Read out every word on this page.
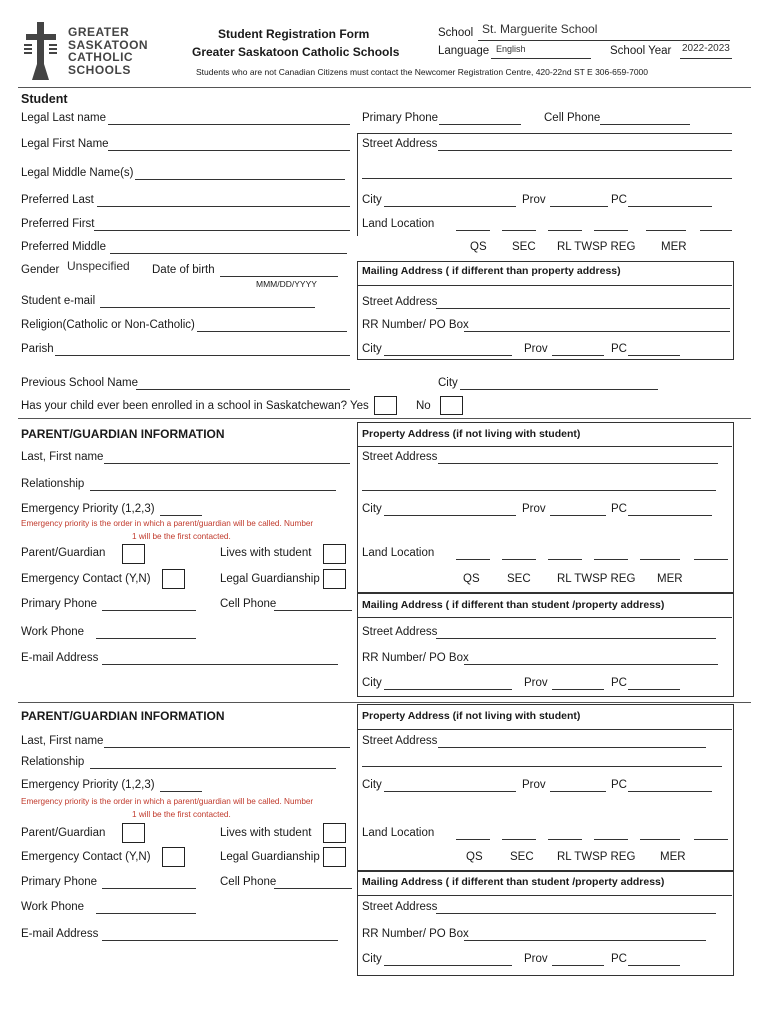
GREATER
SASKATOON
CATHOLIC
SCHOOLS
Student Registration Form
Greater Saskatoon Catholic Schools
School St. Marguerite School
Language English	School Year 2022-2023
Students who are not Canadian Citizens must contact the Newcomer Registration Centre, 420-22nd ST E 306-659-7000
Student
Legal Last name
Legal First Name
Legal Middle Name(s)
Preferred Last
Preferred First
Preferred Middle
Gender Unspecified Date of birth
MMM/DD/YYYY
Student e-mail
Religion(Catholic or Non-Catholic)
Parish
Primary Phone	Cell Phone
Street Address
City	Prov	PC
Land Location
QS SEC RL TWSP REG MER
Mailing Address ( if different than property address)
Street Address
RR Number/ PO Box
City	Prov	PC
Previous School Name	City
Has your child ever been enrolled in a school in Saskatchewan? Yes	No
PARENT/GUARDIAN INFORMATION
Last, First name
Relationship
Emergency Priority (1,2,3)
Emergency priority is the order in which a parent/guardian will be called. Number
1 will be the first contacted.
Parent/Guardian	Lives with student
Emergency Contact (Y,N)	Legal Guardianship
Primary Phone	Cell Phone
Work Phone
E-mail Address
Property Address (if not living with student)
Street Address
City	Prov	PC
Land Location
QS SEC RL TWSP REG MER
Mailing Address ( if different than student /property address)
Street Address
RR Number/ PO Box
City	Prov	PC
PARENT/GUARDIAN INFORMATION
Last, First name
Relationship
Emergency Priority (1,2,3)
Emergency priority is the order in which a parent/guardian will be called. Number
1 will be the first contacted.
Parent/Guardian	Lives with student
Emergency Contact (Y,N)	Legal Guardianship
Primary Phone	Cell Phone
Work Phone
E-mail Address
Property Address (if not living with student)
Street Address
City	Prov	PC
Land Location
QS SEC RL TWSP REG MER
Mailing Address ( if different than student /property address)
Street Address
RR Number/ PO Box
City	Prov	PC
